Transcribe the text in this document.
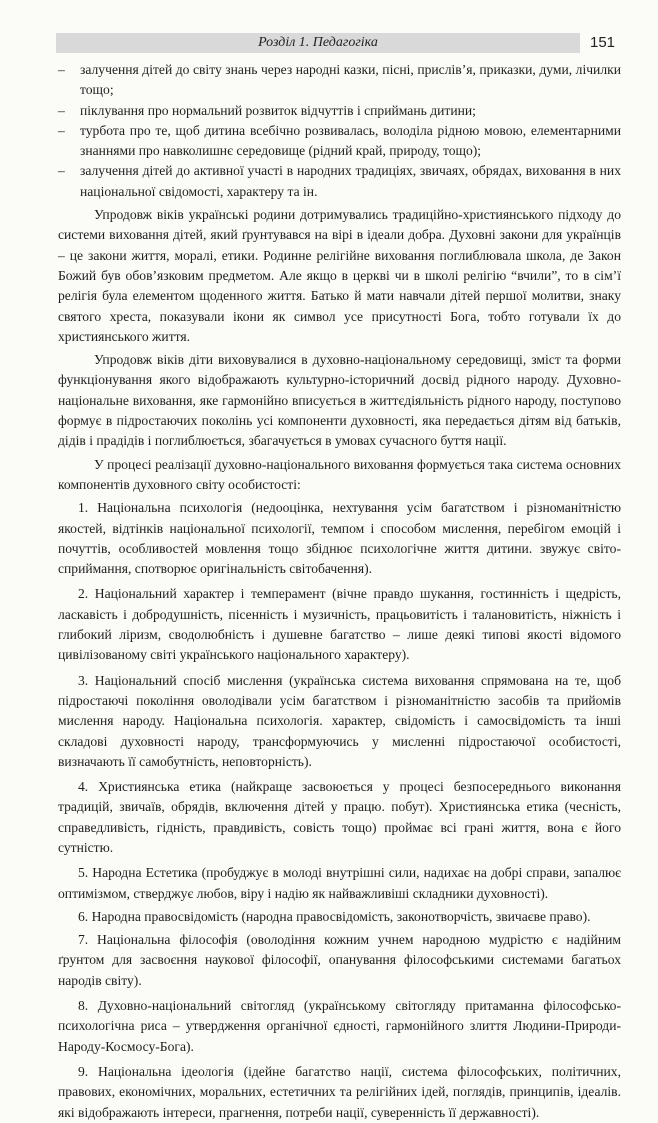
Розділ 1. Педагогіка	151
– залучення дітей до світу знань через народні казки, пісні, прислів’я, приказки, думи, лічилки тощо;
– піклування про нормальний розвиток відчуттів і сприймань дитини;
– турбота про те, щоб дитина всебічно розвивалась, володіла рідною мовою, елементарними знаннями про навколишнє середовище (рідний край, природу, тощо);
– залучення дітей до активної участі в народних традиціях, звичаях, обрядах, виховання в них національної свідомості, характеру та ін.

Упродовж віків українські родини дотримувались традиційно-християнського підходу до системи виховання дітей, який ґрунтувався на вірі в ідеали добра. Духовні закони для українців – це закони життя, моралі, етики. Родинне релігійне виховання поглиблювала школа, де Закон Божий був обов’язковим предметом. Але якщо в церкві чи в школі релігію “вчили”, то в сім’ї релігія була елементом щоденного життя. Батько й мати навчали дітей першої молитви, знаку святого хреста, показували ікони як символ усе присутності Бога, тобто готували їх до християнського життя.

Упродовж віків діти виховувалися в духовно-національному середовищі, зміст та форми функціонування якого відображають культурно-історичний досвід рідного народу. Духовно-національне виховання, яке гармонійно вписується в життєдіяльність рідного народу, поступово формує в підростаючих поколінь усі компоненти духовності, яка передається дітям від батьків, дідів і прадідів і поглиблюється, збагачується в умовах сучасного буття нації.

У процесі реалізації духовно-національного виховання формується така система основних компонентів духовного світу особистості:

1. Національна психологія (недооцінка, нехтування усім багатством і різноманітністю якостей, відтінків національної психології, темпом і способом мислення, перебігом емоцій і почуттів, особливостей мовлення тощо збіднює психологічне життя дитини. звужує світо-сприймання, спотворює оригінальність світобачення).

2. Національний характер і темперамент (вічне правдо шукання, гостинність і щедрість, ласкавість і добродушність, пісенність і музичність, працьовитість і талановитість, ніжність і глибокий ліризм, сводолюбність і душевне багатство – лише деякі типові якості відомого цивілізованому світі українського національного характеру).

3. Національний спосіб мислення (українська система виховання спрямована на те, щоб підростаючі покоління оволодівали усім багатством і різноманітністю засобів та прийомів мислення народу. Національна психологія. характер, свідомість і самосвідомість та інші складові духовності народу, трансформуючись у мисленні підростаючої особистості, визначають її самобутність, неповторність).

4. Християнська етика (найкраще засвоюється у процесі безпосереднього виконання традицій, звичаїв, обрядів, включення дітей у працю. побут). Християнська етика (чесність, справедливість, гідність, правдивість, совість тощо) проймає всі грані життя, вона є його сутністю.

5. Народна Естетика (пробуджує в молоді внутрішні сили, надихає на добрі справи, запалює оптимізмом, стверджує любов, віру і надію як найважливіші складники духовності).

6. Народна правосвідомість (народна правосвідомість, законотворчість, звичаєве право).

7. Національна філософія (оволодіння кожним учнем народною мудрістю є надійним ґрунтом для засвоєння наукової філософії, опанування філософськими системами багатьох народів світу).

8. Духовно-національний світогляд (українському світогляду притаманна філософсько-психологічна риса – утвердження органічної єдності, гармонійного злиття Людини-Природи-Народу-Космосу-Бога).

9. Національна ідеологія (ідейне багатство нації, система філософських, політичних, правових, економічних, моральних, естетичних та релігійних ідей, поглядів, принципів, ідеалів. які відображають інтереси, прагнення, потреби нації, суверенність її державності).
